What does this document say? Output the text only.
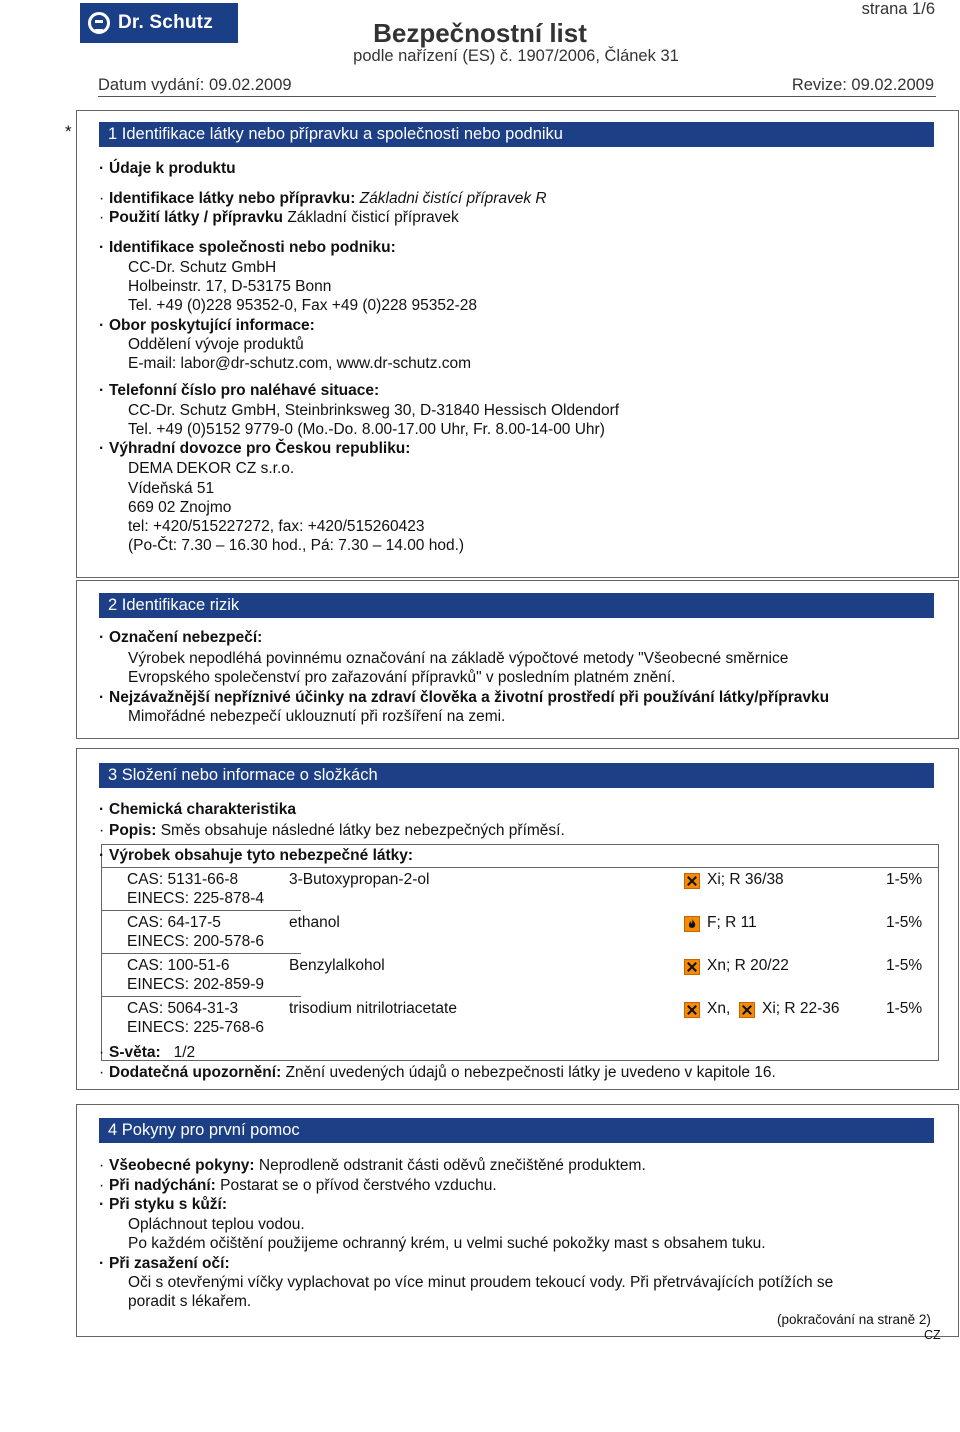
Dr. Schutz
strana 1/6
Bezpečnostní list
podle nařízení (ES) č. 1907/2006, Článek 31
Datum vydání: 09.02.2009	Revize: 09.02.2009
*	1 Identifikace látky nebo přípravku a společnosti nebo podniku
· Údaje k produktu
· Identifikace látky nebo přípravku: Základni čistící přípravek R
· Použití látky / přípravku Základní čisticí přípravek
· Identifikace společnosti nebo podniku:
CC-Dr. Schutz GmbH
Holbeinstr. 17, D-53175 Bonn
Tel. +49 (0)228 95352-0, Fax +49 (0)228 95352-28
· Obor poskytující informace:
Oddělení vývoje produktů
E-mail: labor@dr-schutz.com, www.dr-schutz.com
· Telefonní číslo pro naléhavé situace:
CC-Dr. Schutz GmbH, Steinbrinksweg 30, D-31840 Hessisch Oldendorf
Tel. +49 (0)5152 9779-0 (Mo.-Do. 8.00-17.00 Uhr, Fr. 8.00-14-00 Uhr)
· Výhradní dovozce pro Českou republiku:
DEMA DEKOR CZ s.r.o.
Vídeňská 51
669 02 Znojmo
tel: +420/515227272, fax: +420/515260423
(Po-Čt: 7.30 – 16.30 hod., Pá: 7.30 – 14.00 hod.)
2 Identifikace rizik
· Označení nebezpečí:
Výrobek nepodléhá povinnému označování na základě výpočtové metody "Všeobecné směrnice
Evropského společenství pro zařazování přípravků" v posledním platném znění.
· Nejzávažnější nepříznivé účinky na zdraví člověka a životní prostředí při používání látky/přípravku
Mimořádné nebezpečí uklouznutí při rozšíření na zemi.
3 Složení nebo informace o složkách
· Chemická charakteristika
· Popis: Směs obsahuje následné látky bez nebezpečných příměsí.
· Výrobek obsahuje tyto nebezpečné látky:
CAS: 5131-66-8
EINECS: 225-878-4
3-Butoxypropan-2-ol	Xi; R 36/38	1-5%
CAS: 64-17-5
EINECS: 200-578-6
ethanol	F; R 11	1-5%
CAS: 100-51-6
EINECS: 202-859-9
Benzylalkohol	Xn; R 20/22	1-5%
CAS: 5064-31-3
EINECS: 225-768-6
trisodium nitrilotriacetate	Xn, Xi; R 22-36	1-5%
· S-věta: 1/2
· Dodatečná upozornění: Znění uvedených údajů o nebezpečnosti látky je uvedeno v kapitole 16.
4 Pokyny pro první pomoc
· Všeobecné pokyny: Neprodleně odstranit části oděvů znečištěné produktem.
· Při nadýchání: Postarat se o přívod čerstvého vzduchu.
· Při styku s kůží:
Opláchnout teplou vodou.
Po každém očištění použijeme ochranný krém, u velmi suché pokožky mast s obsahem tuku.
· Při zasažení očí:
Oči s otevřenými víčky vyplachovat po více minut proudem tekoucí vody. Při přetrvávajících potížích se
poradit s lékařem.
(pokračování na straně 2)
CZ
